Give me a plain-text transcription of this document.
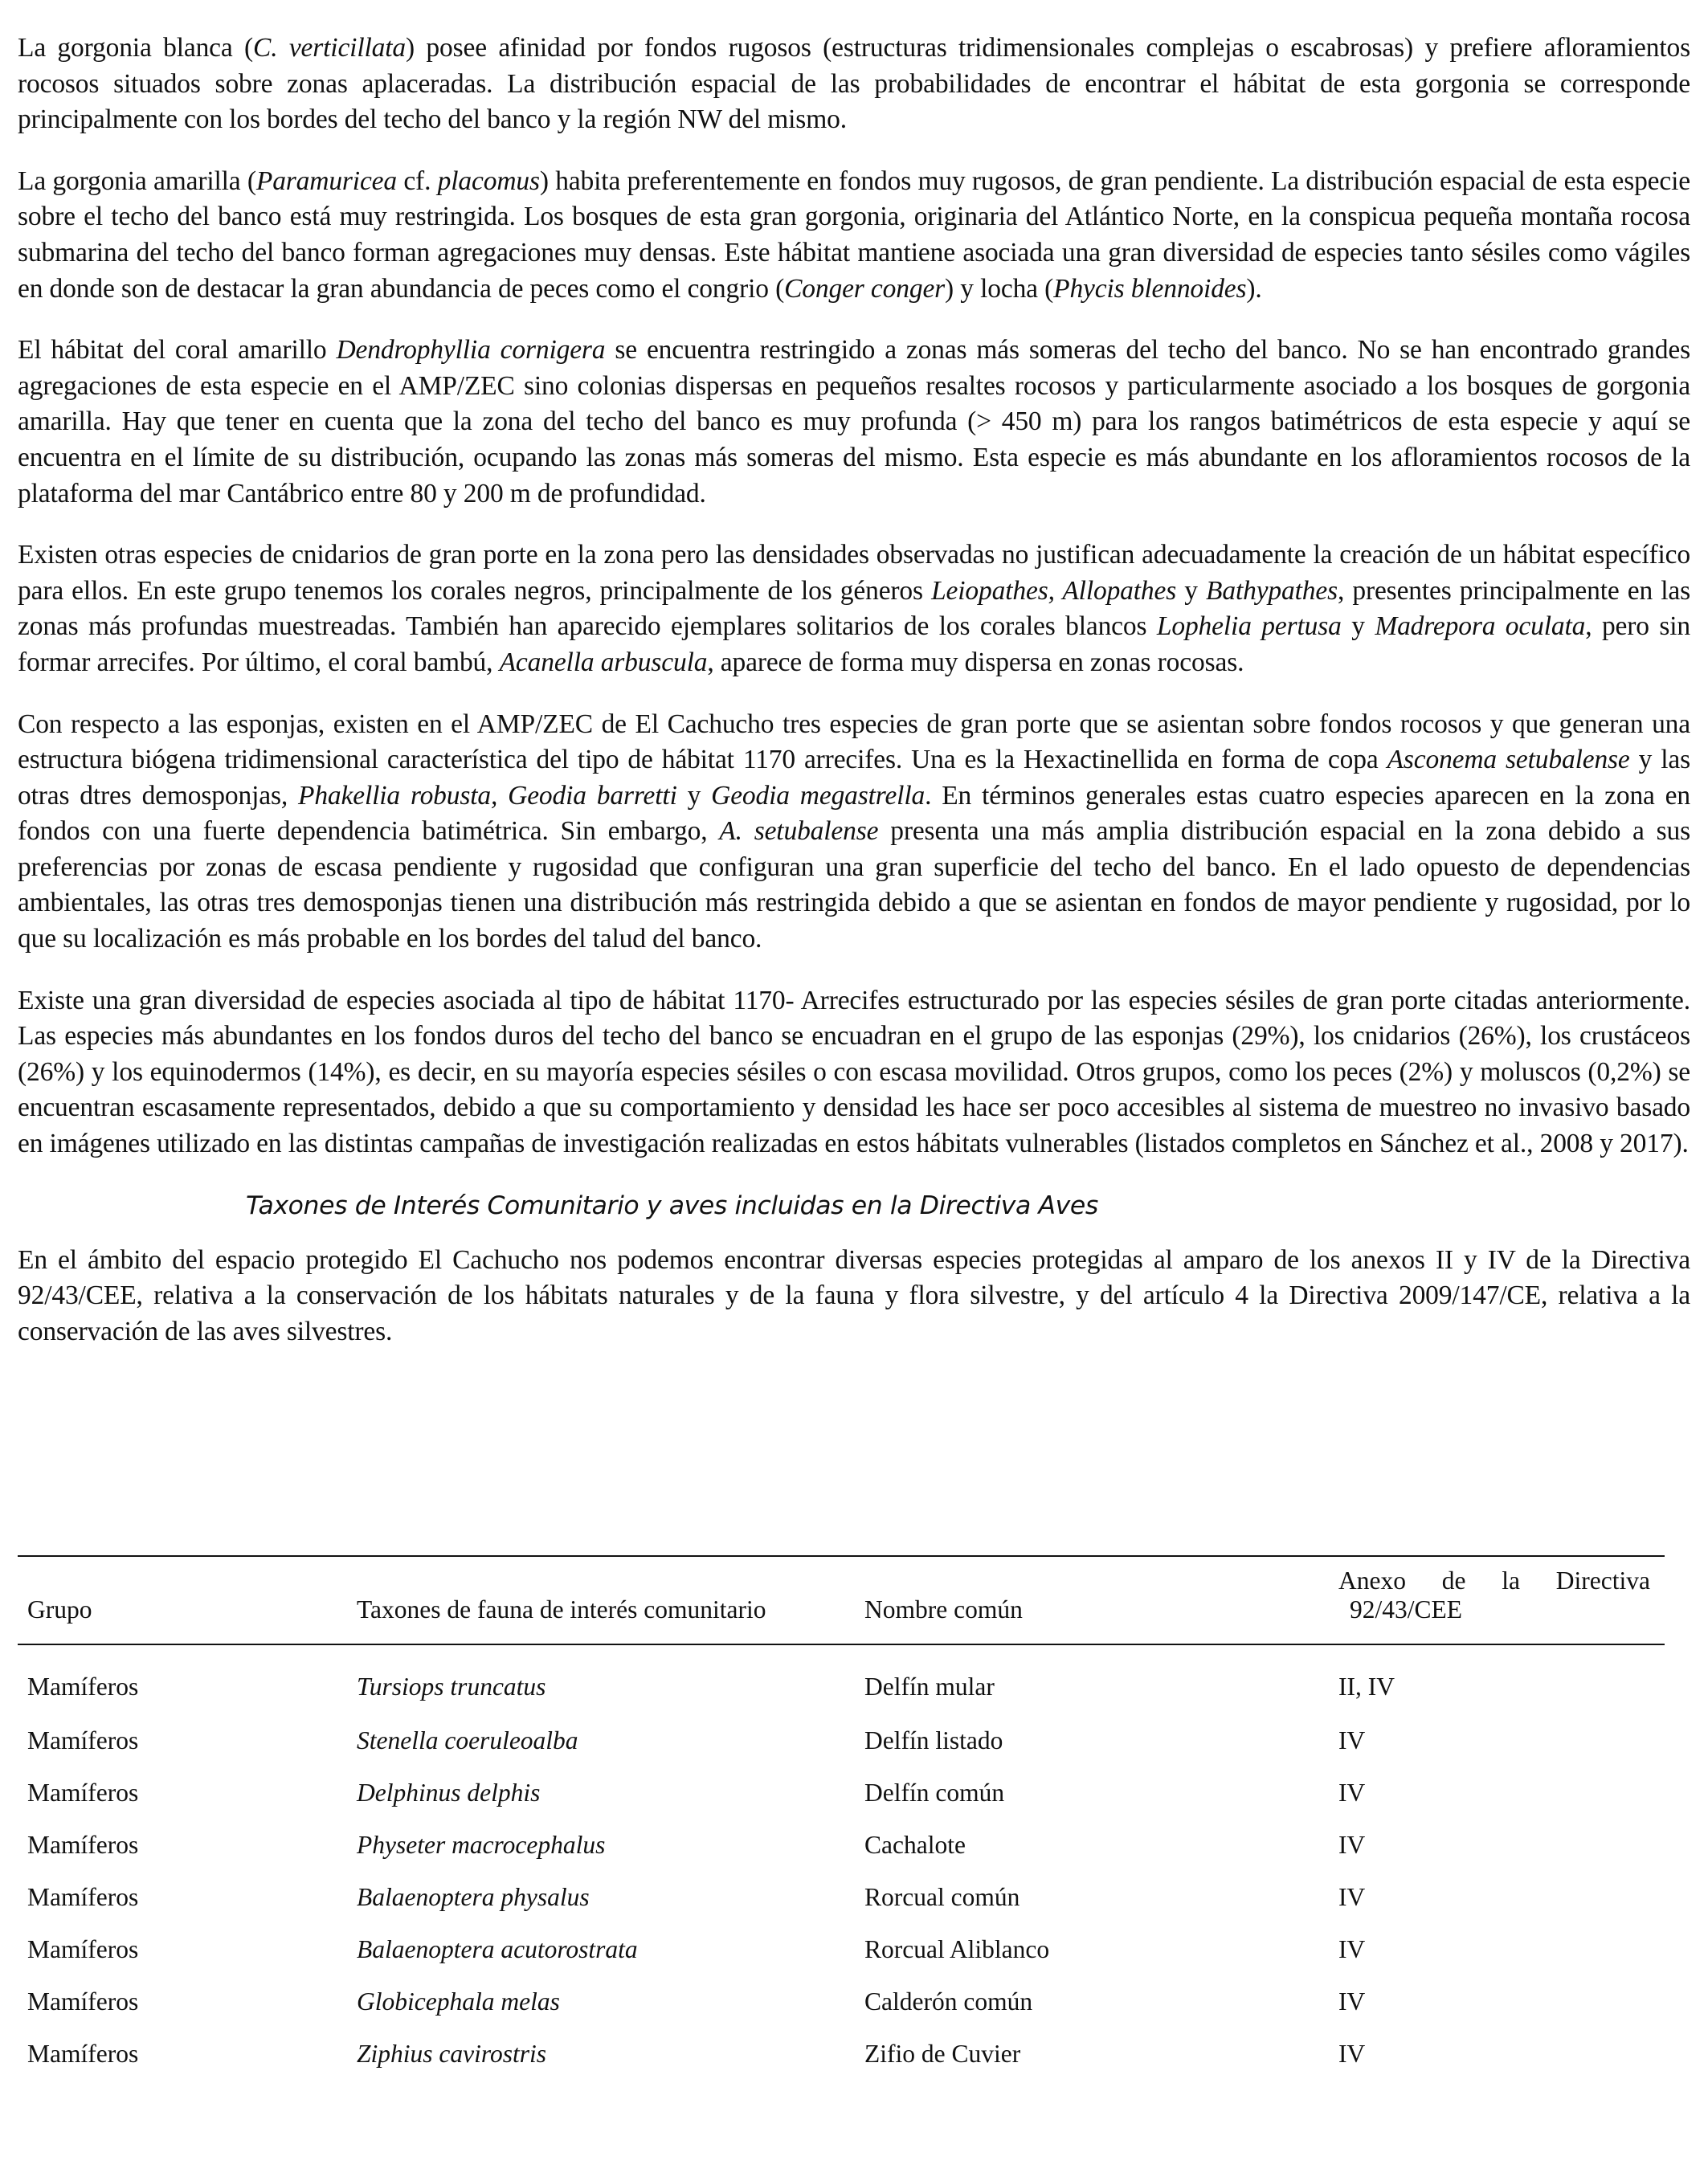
La gorgonia blanca (C. verticillata) posee afinidad por fondos rugosos (estructuras tridimensionales complejas o escabrosas) y prefiere afloramientos rocosos situados sobre zonas aplaceradas. La distribución espacial de las probabilidades de encontrar el hábitat de esta gorgonia se corresponde principalmente con los bordes del techo del banco y la región NW del mismo.

La gorgonia amarilla (Paramuricea cf. placomus) habita preferentemente en fondos muy rugosos, de gran pendiente. La distribución espacial de esta especie sobre el techo del banco está muy restringida. Los bosques de esta gran gorgonia, originaria del Atlántico Norte, en la conspicua pequeña montaña rocosa submarina del techo del banco forman agregaciones muy densas. Este hábitat mantiene asociada una gran diversidad de especies tanto sésiles como vágiles en donde son de destacar la gran abundancia de peces como el congrio (Conger conger) y locha (Phycis blennoides).

El hábitat del coral amarillo Dendrophyllia cornigera se encuentra restringido a zonas más someras del techo del banco. No se han encontrado grandes agregaciones de esta especie en el AMP/ZEC sino colonias dispersas en pequeños resaltes rocosos y particularmente asociado a los bosques de gorgonia amarilla. Hay que tener en cuenta que la zona del techo del banco es muy profunda (> 450 m) para los rangos batimétricos de esta especie y aquí se encuentra en el límite de su distribución, ocupando las zonas más someras del mismo. Esta especie es más abundante en los afloramientos rocosos de la plataforma del mar Cantábrico entre 80 y 200 m de profundidad.

Existen otras especies de cnidarios de gran porte en la zona pero las densidades observadas no justifican adecuadamente la creación de un hábitat específico para ellos. En este grupo tenemos los corales negros, principalmente de los géneros Leiopathes, Allopathes y Bathypathes, presentes principalmente en las zonas más profundas muestreadas. También han aparecido ejemplares solitarios de los corales blancos Lophelia pertusa y Madrepora oculata, pero sin formar arrecifes. Por último, el coral bambú, Acanella arbuscula, aparece de forma muy dispersa en zonas rocosas.

Con respecto a las esponjas, existen en el AMP/ZEC de El Cachucho tres especies de gran porte que se asientan sobre fondos rocosos y que generan una estructura biógena tridimensional característica del tipo de hábitat 1170 arrecifes. Una es la Hexactinellida en forma de copa Asconema setubalense y las otras dtres demosponjas, Phakellia robusta, Geodia barretti y Geodia megastrella. En términos generales estas cuatro especies aparecen en la zona en fondos con una fuerte dependencia batimétrica. Sin embargo, A. setubalense presenta una más amplia distribución espacial en la zona debido a sus preferencias por zonas de escasa pendiente y rugosidad que configuran una gran superficie del techo del banco. En el lado opuesto de dependencias ambientales, las otras tres demosponjas tienen una distribución más restringida debido a que se asientan en fondos de mayor pendiente y rugosidad, por lo que su localización es más probable en los bordes del talud del banco.

Existe una gran diversidad de especies asociada al tipo de hábitat 1170- Arrecifes estructurado por las especies sésiles de gran porte citadas anteriormente. Las especies más abundantes en los fondos duros del techo del banco se encuadran en el grupo de las esponjas (29%), los cnidarios (26%), los crustáceos (26%) y los equinodermos (14%), es decir, en su mayoría especies sésiles o con escasa movilidad. Otros grupos, como los peces (2%) y moluscos (0,2%) se encuentran escasamente representados, debido a que su comportamiento y densidad les hace ser poco accesibles al sistema de muestreo no invasivo basado en imágenes utilizado en las distintas campañas de investigación realizadas en estos hábitats vulnerables (listados completos en Sánchez et al., 2008 y 2017).

Taxones de Interés Comunitario y aves incluidas en la Directiva Aves

En el ámbito del espacio protegido El Cachucho nos podemos encontrar diversas especies protegidas al amparo de los anexos II y IV de la Directiva 92/43/CEE, relativa a la conservación de los hábitats naturales y de la fauna y flora silvestre, y del artículo 4 la Directiva 2009/147/CE, relativa a la conservación de las aves silvestres.

Grupo	Taxones de fauna de interés comunitario	Nombre común	Anexo de la Directiva
92/43/CEE

Mamíferos	Tursiops truncatus	Delfín mular	II, IV
Mamíferos	Stenella coeruleoalba	Delfín listado	IV
Mamíferos	Delphinus delphis	Delfín común	IV
Mamíferos	Physeter macrocephalus	Cachalote	IV
Mamíferos	Balaenoptera physalus	Rorcual común	IV
Mamíferos	Balaenoptera acutorostrata	Rorcual Aliblanco	IV
Mamíferos	Globicephala melas	Calderón común	IV
Mamíferos	Ziphius cavirostris	Zifio de Cuvier	IV
